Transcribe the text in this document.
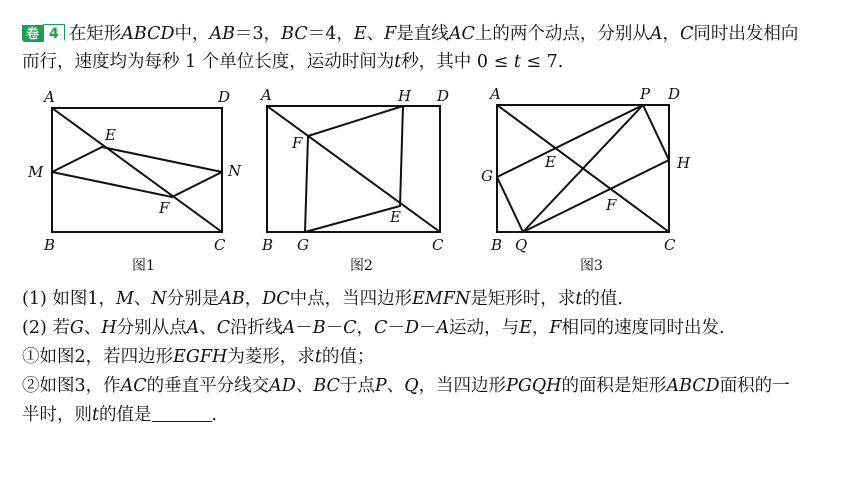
卷 4 在矩形ABCD中，AB＝3，BC＝4，E、F是直线AC上的两个动点，分别从A，C同时出发相向
而行，速度均为每秒 1 个单位长度，运动时间为t秒，其中 0 ≤ t ≤ 7.
(1) 如图1，M、N分别是AB，DC中点，当四边形EMFN是矩形时，求t的值.
(2) 若G、H分别从点A、C沿折线A－B－C，C－D－A运动，与E，F相同的速度同时出发.
①如图2，若四边形EGFH为菱形，求t的值；
②如图3，作AC的垂直平分线交AD、BC于点P、Q，当四边形PGQH的面积是矩形ABCD面积的一
半时，则t的值是	.
A	D
B	C
M	N
E
F
图1
A	H D
F
E
B G	C
图2
A	P D
G
E	H
F
B Q	C
图3
